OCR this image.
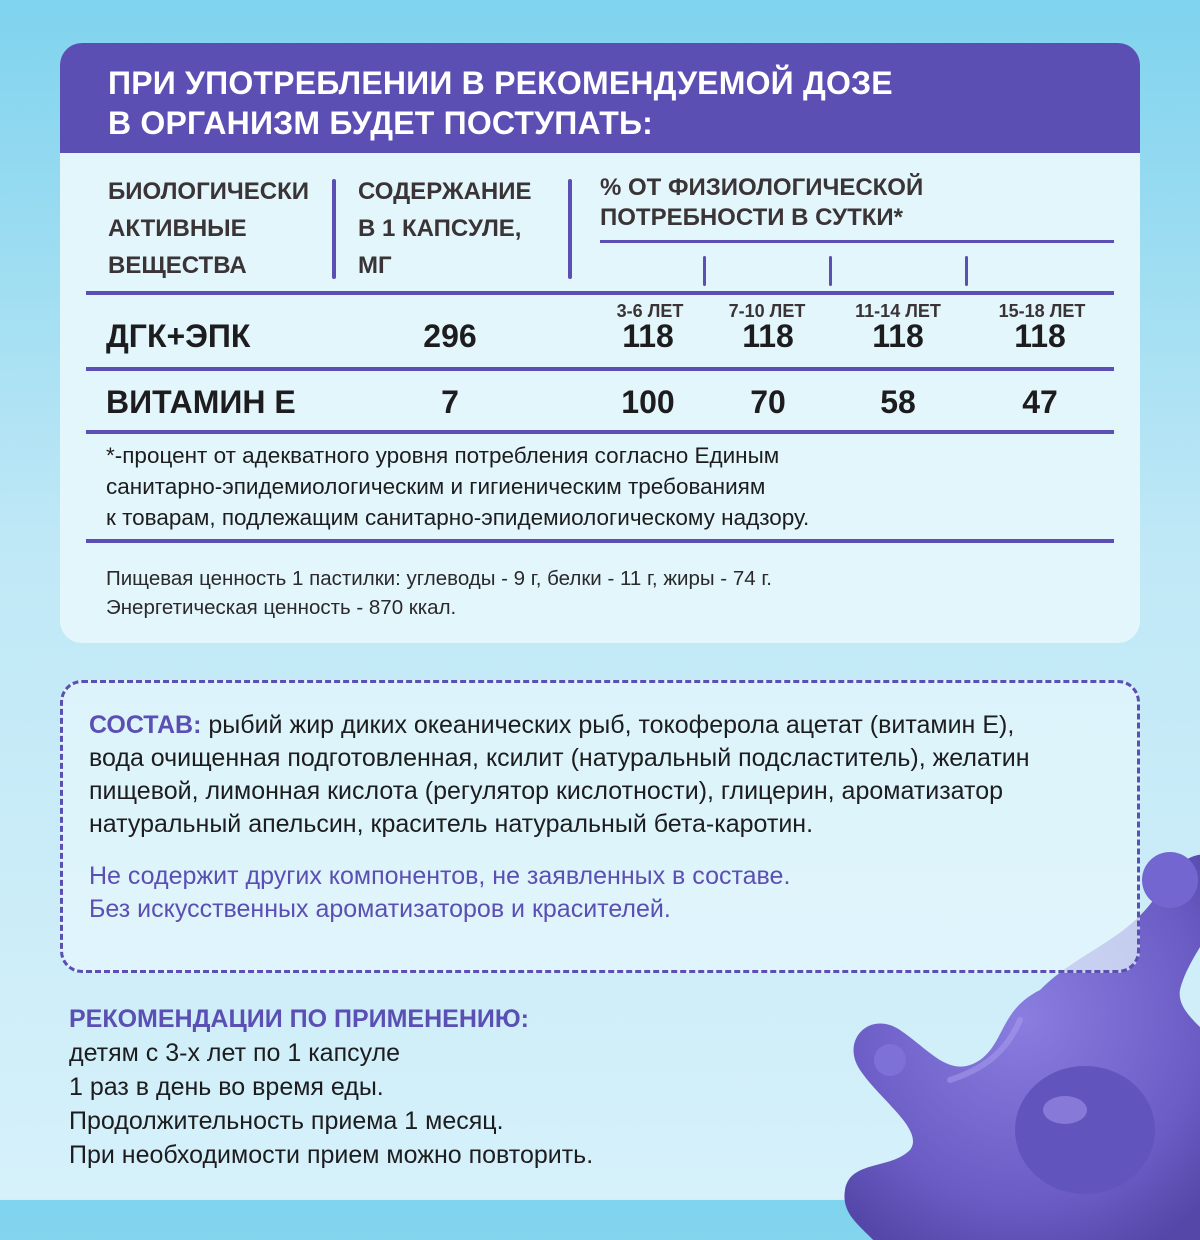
ПРИ УПОТРЕБЛЕНИИ В РЕКОМЕНДУЕМОЙ ДОЗЕ
В ОРГАНИЗМ БУДЕТ ПОСТУПАТЬ:
БИОЛОГИЧЕСКИ
АКТИВНЫЕ
ВЕЩЕСТВА
СОДЕРЖАНИЕ
В 1 КАПСУЛЕ,
МГ
% ОТ ФИЗИОЛОГИЧЕСКОЙ
ПОТРЕБНОСТИ В СУТКИ*
3-6 ЛЕТ	7-10 ЛЕТ	11-14 ЛЕТ	15-18 ЛЕТ
ДГК+ЭПК	296	118	118	118	118
ВИТАМИН Е	7	100	70	58	47
*-процент от адекватного уровня потребления согласно Единым
санитарно-эпидемиологическим и гигиеническим требованиям
к товарам, подлежащим санитарно-эпидемиологическому надзору.
Пищевая ценность 1 пастилки: углеводы - 9 г, белки - 11 г, жиры - 74 г.
Энергетическая ценность - 870 ккал.

СОСТАВ: рыбий жир диких океанических рыб, токоферола ацетат (витамин Е),

вода очищенная подготовленная, ксилит (натуральный подсластитель), желатин

пищевой, лимонная кислота (регулятор кислотности), глицерин, ароматизатор

натуральный апельсин, краситель натуральный бета-каротин.

Не содержит других компонентов, не заявленных в составе.

Без искусственных ароматизаторов и красителей.

РЕКОМЕНДАЦИИ ПО ПРИМЕНЕНИЮ:
детям с 3-х лет по 1 капсуле
1 раз в день во время еды.
Продолжительность приема 1 месяц.
При необходимости прием можно повторить.
